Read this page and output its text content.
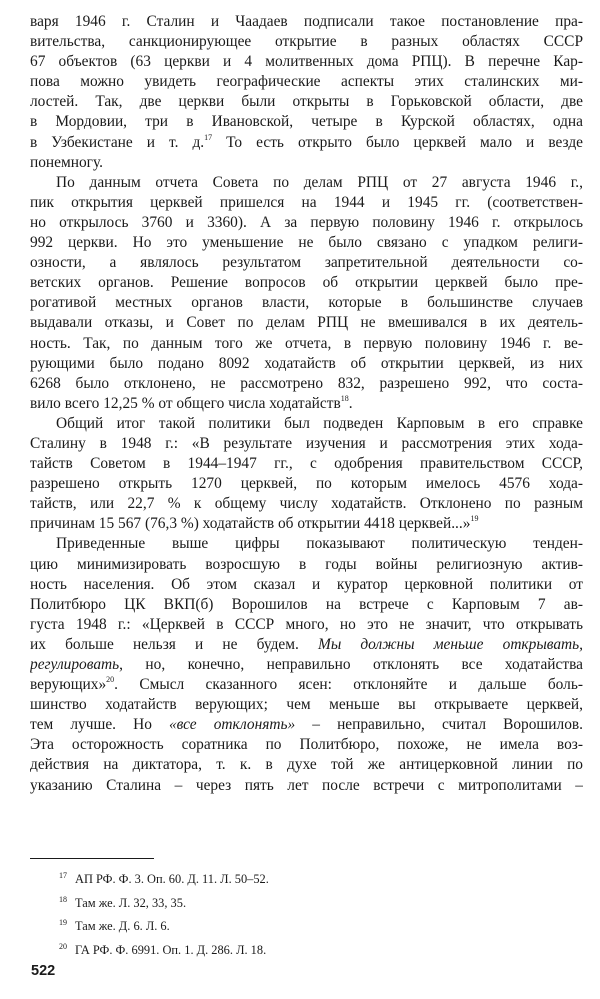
варя 1946 г. Сталин и Чаадаев подписали такое постановление пра-
вительства, санкционирующее открытие в разных областях СССР
67 объектов (63 церкви и 4 молитвенных дома РПЦ). В перечне Кар-
пова можно увидеть географические аспекты этих сталинских ми-
лостей. Так, две церкви были открыты в Горьковской области, две
в Мордовии, три в Ивановской, четыре в Курской областях, одна
в Узбекистане и т. д.$^{17}$ То есть открыто было церквей мало и везде
понемногу.
По данным отчета Совета по делам РПЦ от 27 августа 1946 г.,
пик открытия церквей пришелся на 1944 и 1945 гг. (соответствен-
но открылось 3760 и 3360). А за первую половину 1946 г. открылось
992 церкви. Но это уменьшение не было связано с упадком религи-
озности, а являлось результатом запретительной деятельности со-
ветских органов. Решение вопросов об открытии церквей было пре-
рогативой местных органов власти, которые в большинстве случаев
выдавали отказы, и Совет по делам РПЦ не вмешивался в их деятель-
ность. Так, по данным того же отчета, в первую половину 1946 г. ве-
рующими было подано 8092 ходатайств об открытии церквей, из них
6268 было отклонено, не рассмотрено 832, разрешено 992, что соста-
вило всего 12,25 % от общего числа ходатайств$^{18}$.
Общий итог такой политики был подведен Карповым в его справке
Сталину в 1948 г.: «В результате изучения и рассмотрения этих хода-
тайств Советом в 1944–1947 гг., с одобрения правительством СССР,
разрешено открыть 1270 церквей, по которым имелось 4576 хода-
тайств, или 22,7 % к общему числу ходатайств. Отклонено по разным
причинам 15 567 (76,3 %) ходатайств об открытии 4418 церквей...»$^{19}$
Приведенные выше цифры показывают политическую тенден-
цию минимизировать возросшую в годы войны религиозную актив-
ность населения. Об этом сказал и куратор церковной политики от
Политбюро ЦК ВКП(б) Ворошилов на встрече с Карповым 7 ав-
густа 1948 г.: «Церквей в СССР много, но это не значит, что открывать
их больше нельзя и не будем. Мы должны меньше открывать,
регулировать, но, конечно, неправильно отклонять все ходатайства
верующих»$^{20}$. Смысл сказанного ясен: отклоняйте и дальше боль-
шинство ходатайств верующих; чем меньше вы открываете церквей,
тем лучше. Но «все отклонять» – неправильно, считал Ворошилов.
Эта осторожность соратника по Политбюро, похоже, не имела воз-
действия на диктатора, т. к. в духе той же антицерковной линии по
указанию Сталина – через пять лет после встречи с митрополитами –
17 АП РФ. Ф. 3. Оп. 60. Д. 11. Л. 50–52.
18 Там же. Л. 32, 33, 35.
19 Там же. Д. 6. Л. 6.
20 ГА РФ. Ф. 6991. Оп. 1. Д. 286. Л. 18.
522
